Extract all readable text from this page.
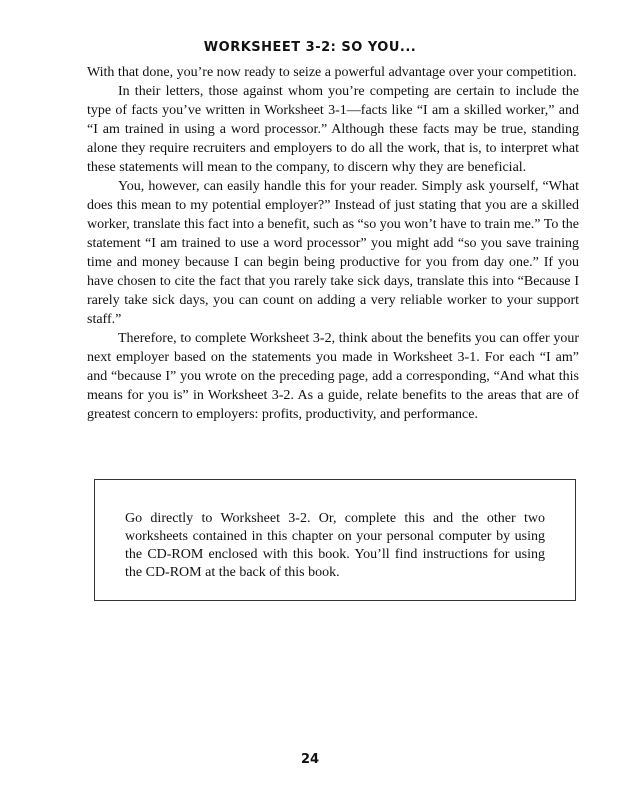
WORKSHEET 3-2: SO YOU...

With that done, you’re now ready to seize a powerful advantage over your competition.

In their letters, those against whom you’re competing are certain to include the type of facts you’ve written in Worksheet 3-1—facts like “I am a skilled worker,” and “I am trained in using a word processor.” Although these facts may be true, standing alone they require recruiters and employers to do all the work, that is, to interpret what these statements will mean to the company, to discern why they are beneficial.

You, however, can easily handle this for your reader. Simply ask yourself, “What does this mean to my potential employer?” Instead of just stating that you are a skilled worker, translate this fact into a benefit, such as “so you won’t have to train me.” To the statement “I am trained to use a word processor” you might add “so you save training time and money because I can begin being productive for you from day one.” If you have chosen to cite the fact that you rarely take sick days, translate this into “Because I rarely take sick days, you can count on adding a very reliable worker to your support staff.”

Therefore, to complete Worksheet 3-2, think about the benefits you can offer your next employer based on the statements you made in Worksheet 3-1. For each “I am” and “because I” you wrote on the preceding page, add a corresponding, “And what this means for you is” in Worksheet 3-2. As a guide, relate benefits to the areas that are of greatest concern to employers: profits, productivity, and performance.

Go directly to Worksheet 3-2. Or, complete this and the other two worksheets contained in this chapter on your personal computer by using the CD-ROM enclosed with this book. You’ll find instructions for using the CD-ROM at the back of this book.

24
